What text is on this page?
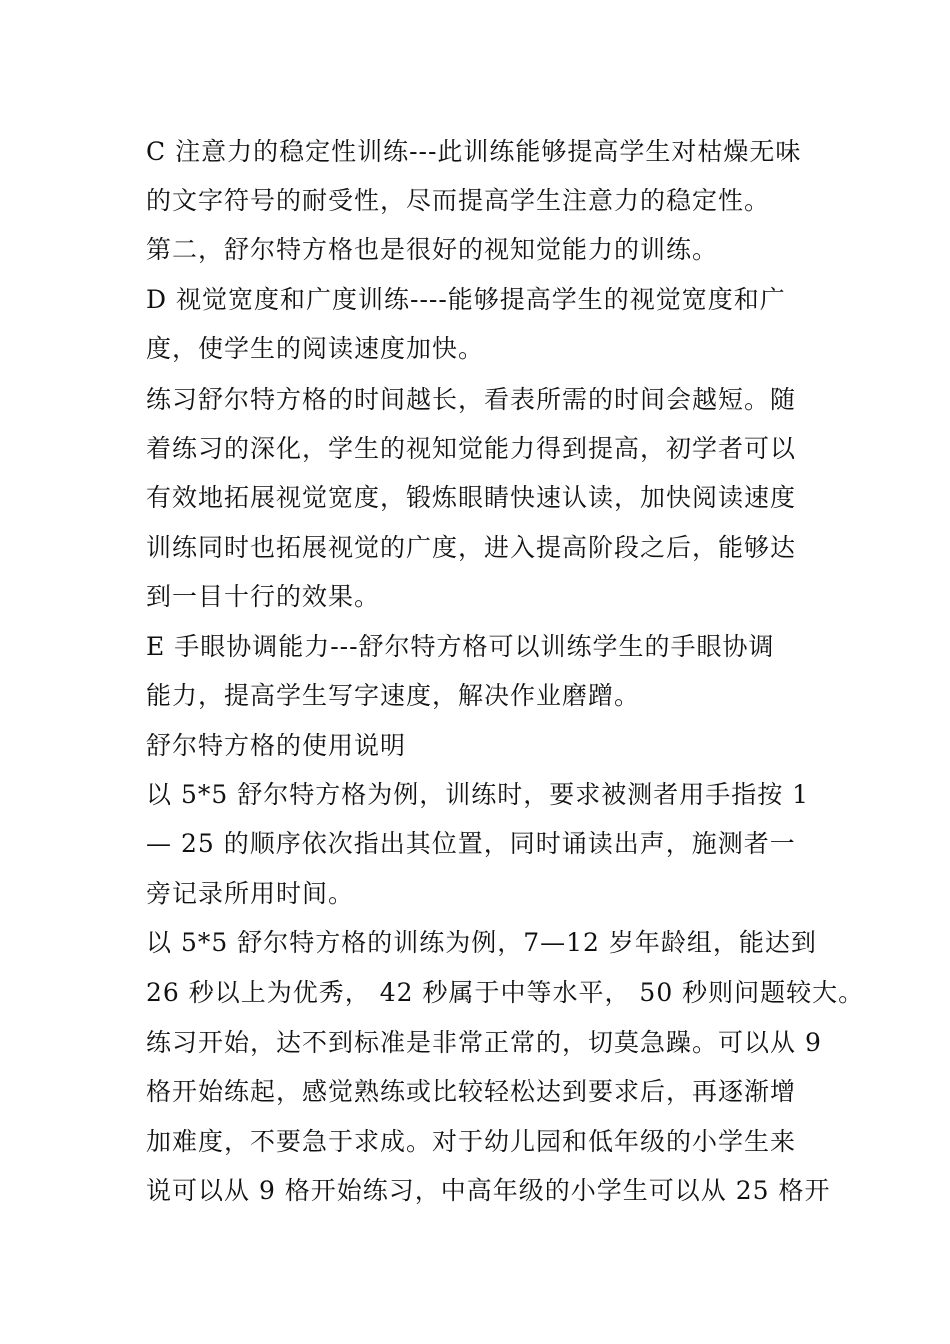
C 注意力的稳定性训练---此训练能够提高学生对枯燥无味
的文字符号的耐受性，尽而提高学生注意力的稳定性。
第二，舒尔特方格也是很好的视知觉能力的训练。
D 视觉宽度和广度训练----能够提高学生的视觉宽度和广
度，使学生的阅读速度加快。
练习舒尔特方格的时间越长，看表所需的时间会越短。随
着练习的深化，学生的视知觉能力得到提高，初学者可以
有效地拓展视觉宽度，锻炼眼睛快速认读，加快阅读速度
训练同时也拓展视觉的广度，进入提高阶段之后，能够达
到一目十行的效果。
E 手眼协调能力---舒尔特方格可以训练学生的手眼协调
能力，提高学生写字速度，解决作业磨蹭。
舒尔特方格的使用说明
以 5*5 舒尔特方格为例，训练时，要求被测者用手指按 1
— 25 的顺序依次指出其位置，同时诵读出声，施测者一
旁记录所用时间。
以 5*5 舒尔特方格的训练为例，7—12 岁年龄组，能达到
26 秒以上为优秀， 42 秒属于中等水平， 50 秒则问题较大。
练习开始，达不到标准是非常正常的，切莫急躁。可以从 9
格开始练起，感觉熟练或比较轻松达到要求后，再逐渐增
加难度，不要急于求成。对于幼儿园和低年级的小学生来
说可以从 9 格开始练习，中高年级的小学生可以从 25 格开
